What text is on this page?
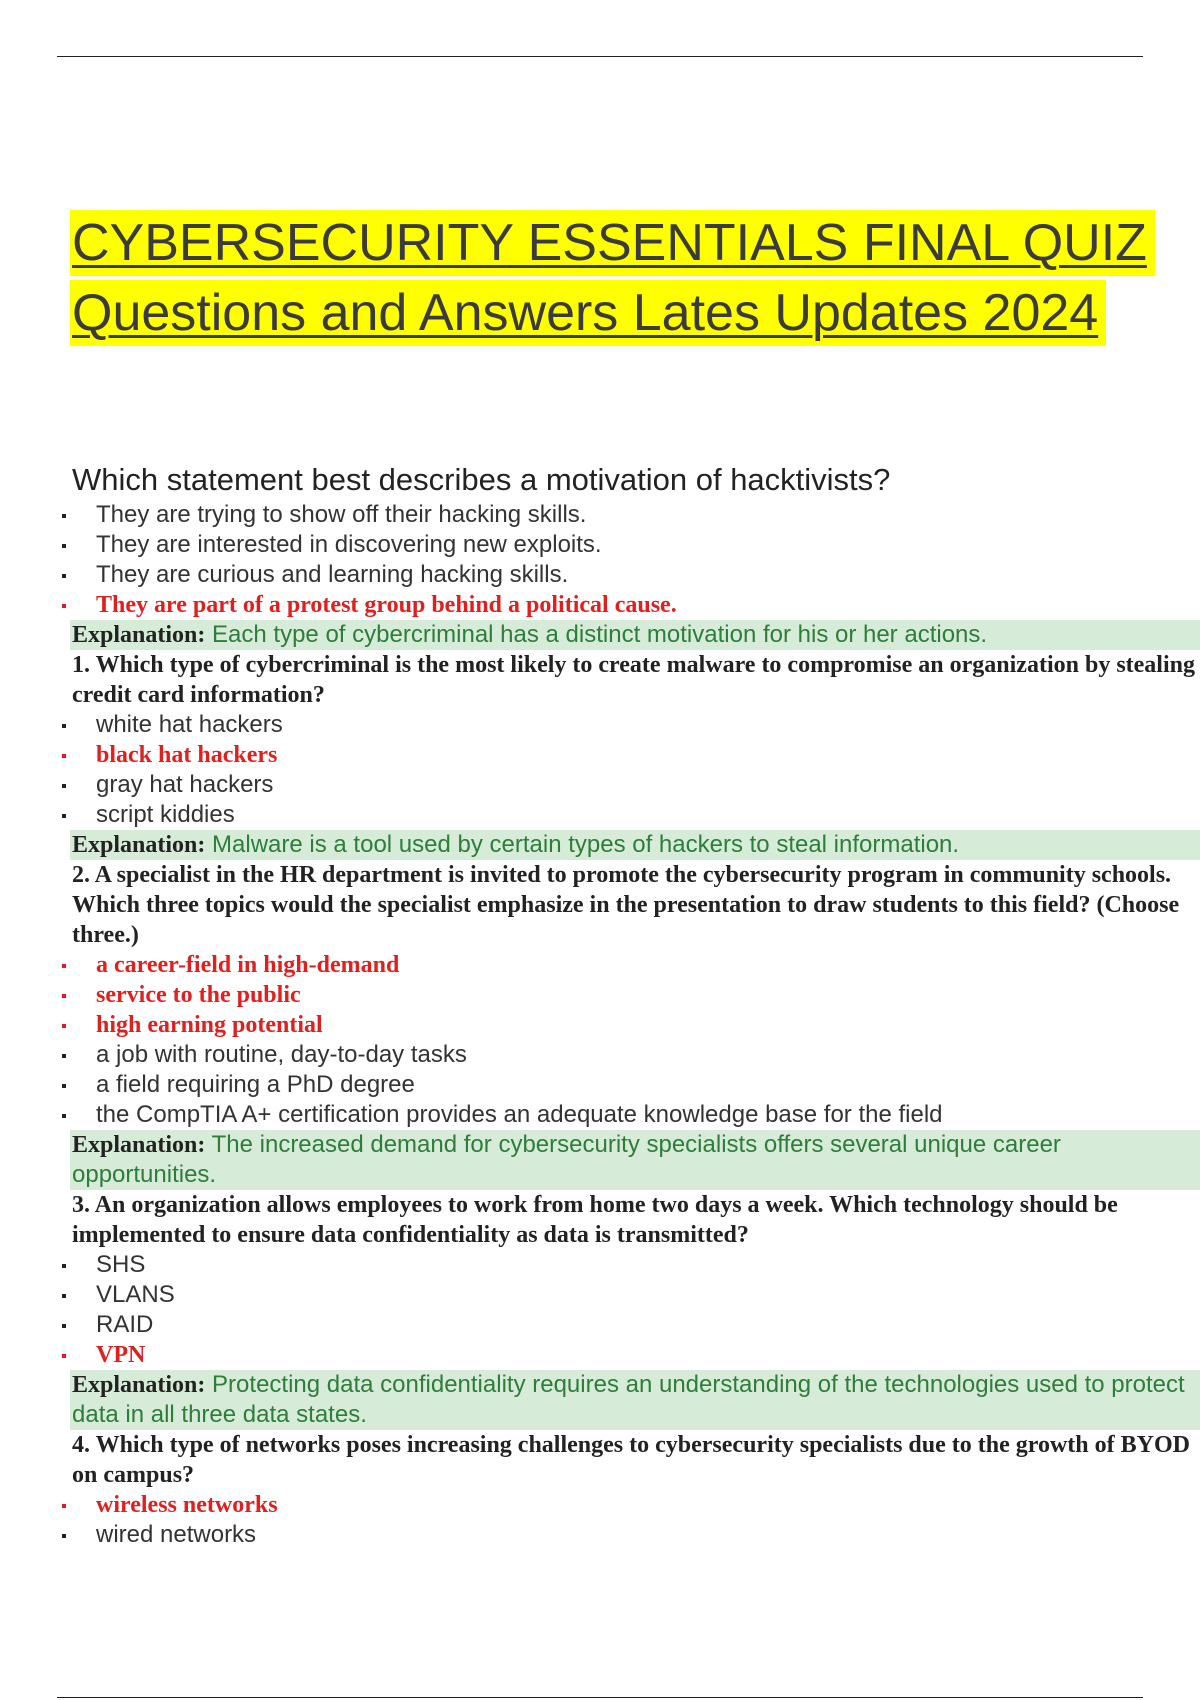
CYBERSECURITY ESSENTIALS FINAL QUIZ
Questions and Answers Lates Updates 2024
Which statement best describes a motivation of hacktivists?
They are trying to show off their hacking skills.
They are interested in discovering new exploits.
They are curious and learning hacking skills.
They are part of a protest group behind a political cause.
Explanation: Each type of cybercriminal has a distinct motivation for his or her actions.
1. Which type of cybercriminal is the most likely to create malware to compromise an organization by stealing credit card information?
white hat hackers
black hat hackers
gray hat hackers
script kiddies
Explanation: Malware is a tool used by certain types of hackers to steal information.
2. A specialist in the HR department is invited to promote the cybersecurity program in community schools. Which three topics would the specialist emphasize in the presentation to draw students to this field? (Choose three.)
a career-field in high-demand
service to the public
high earning potential
a job with routine, day-to-day tasks
a field requiring a PhD degree
the CompTIA A+ certification provides an adequate knowledge base for the field
Explanation: The increased demand for cybersecurity specialists offers several unique career opportunities.
3. An organization allows employees to work from home two days a week. Which technology should be implemented to ensure data confidentiality as data is transmitted?
SHS
VLANS
RAID
VPN
Explanation: Protecting data confidentiality requires an understanding of the technologies used to protect data in all three data states.
4. Which type of networks poses increasing challenges to cybersecurity specialists due to the growth of BYOD on campus?
wireless networks
wired networks
